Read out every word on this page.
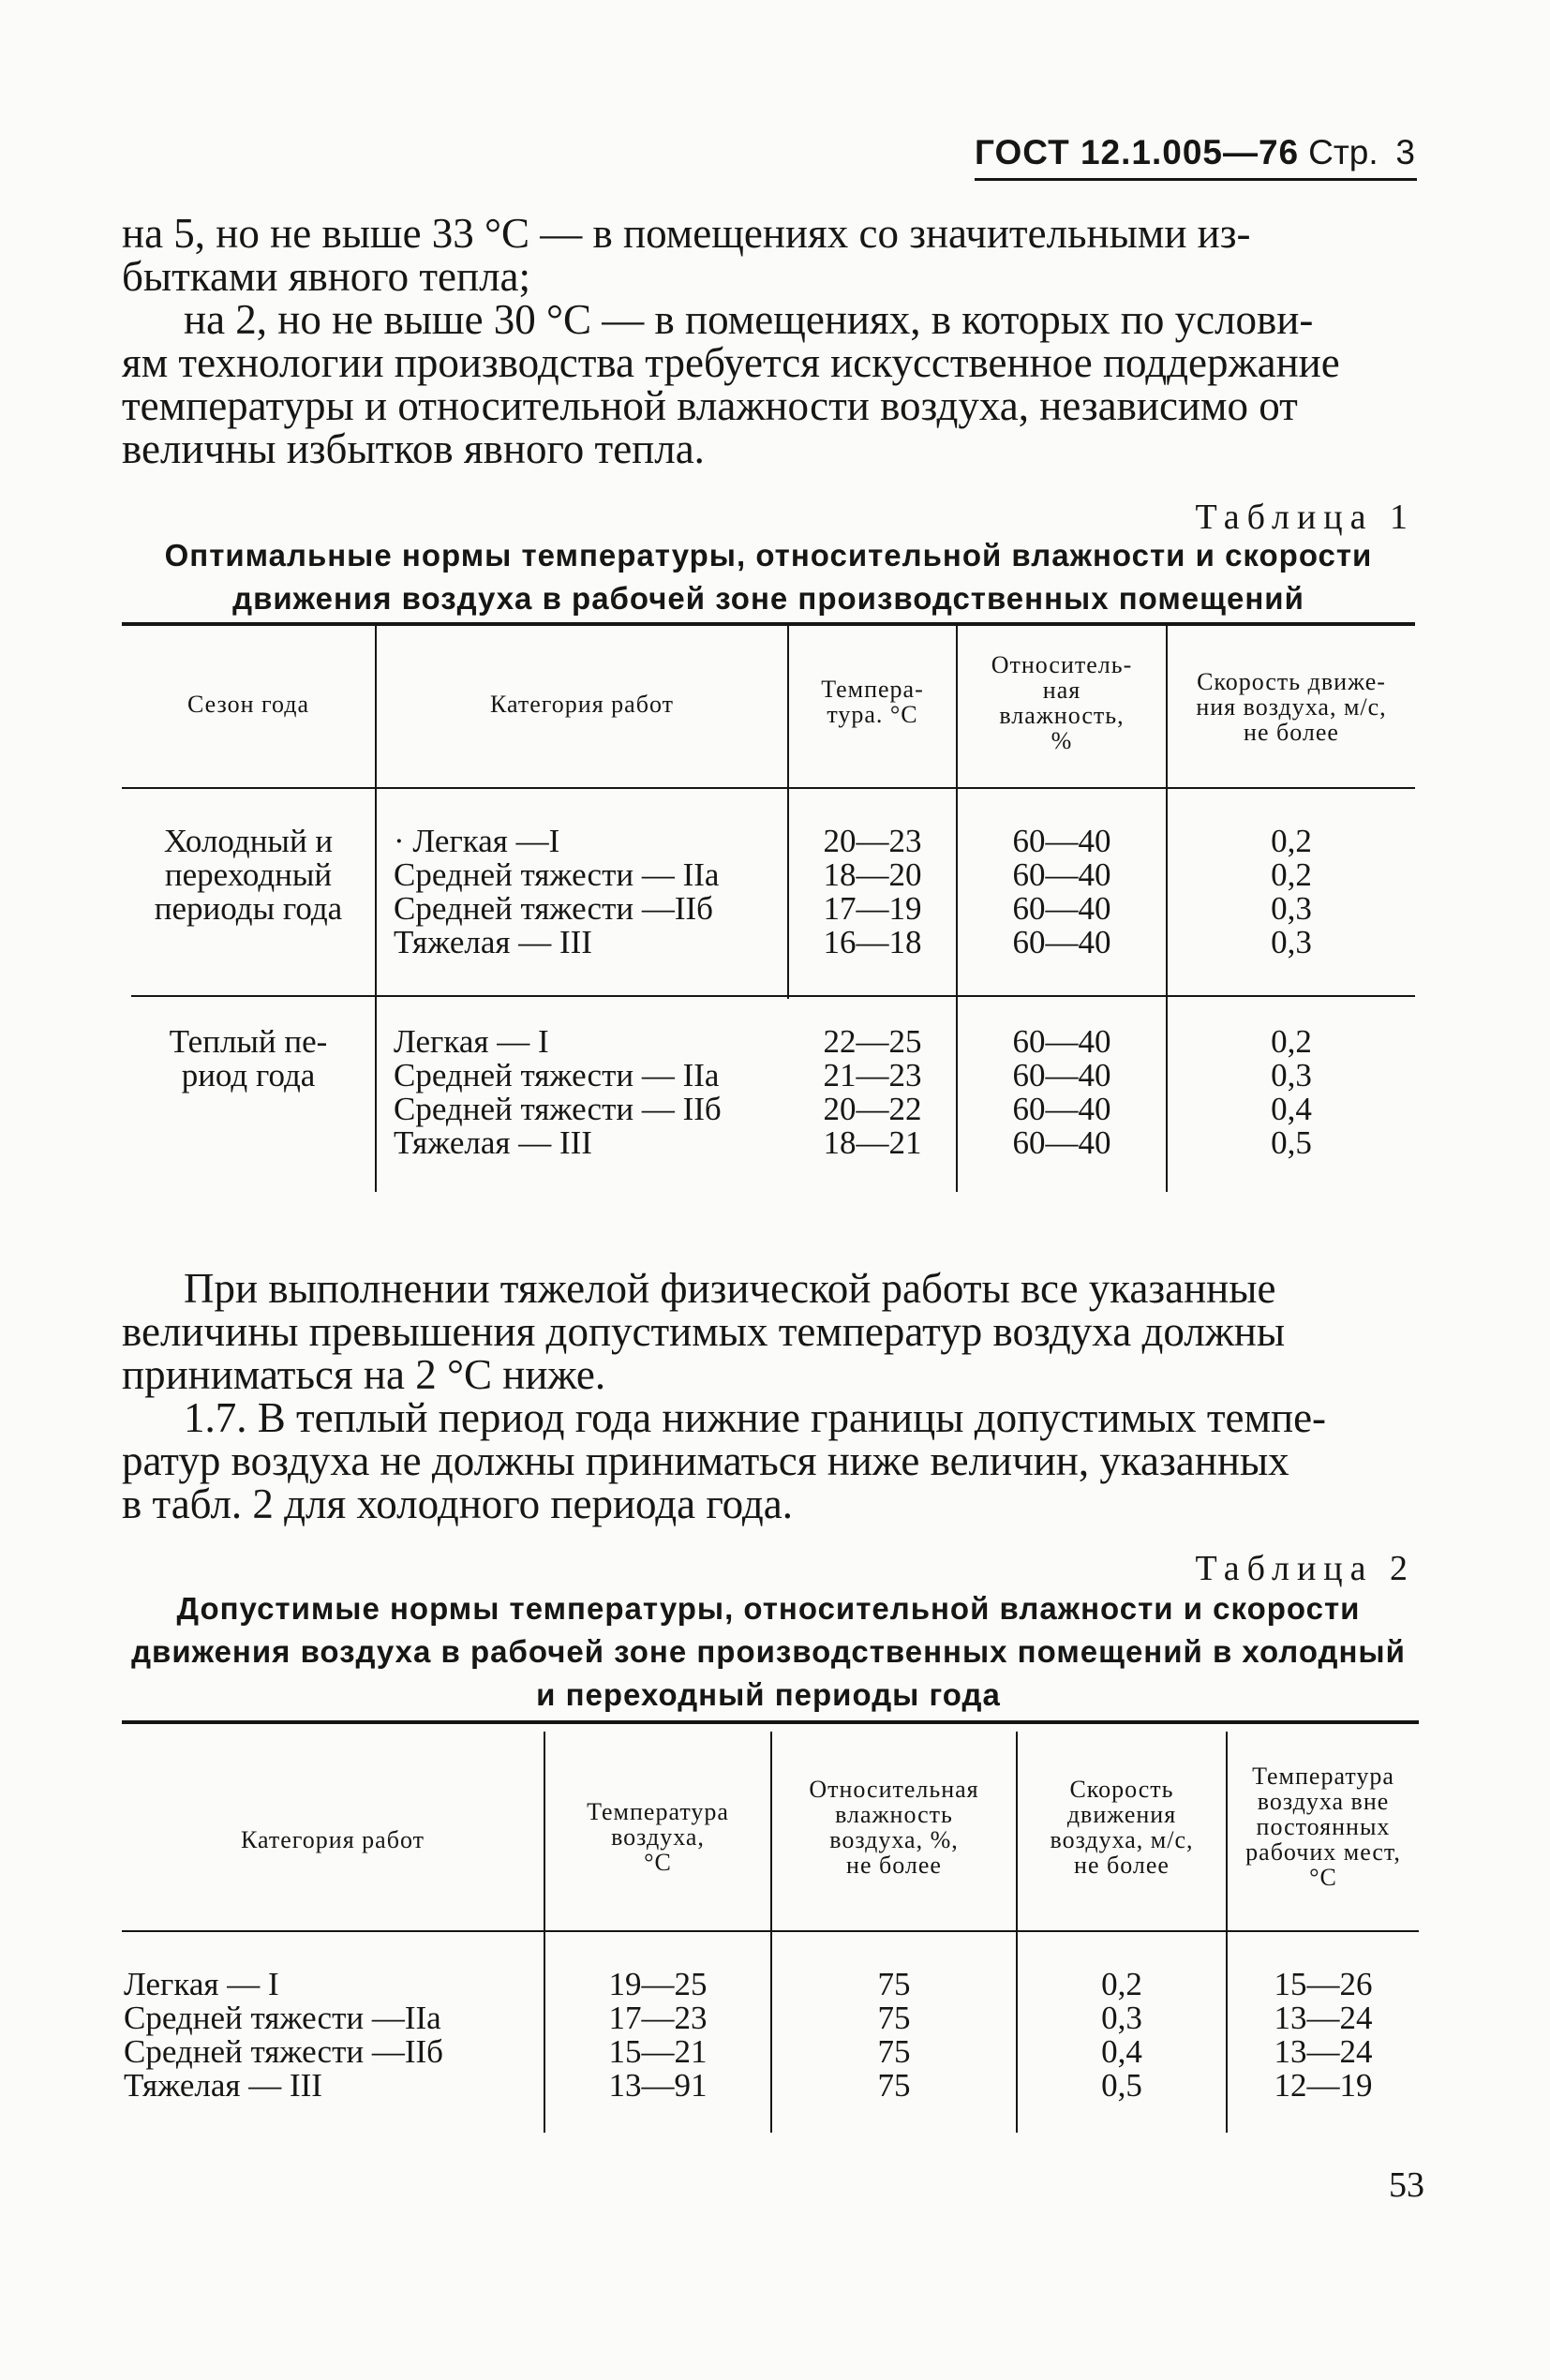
ГОСТ 12.1.005—76 Стр. 3
на 5, но не выше 33 °С — в помещениях со значительными из-
бытками явного тепла;
на 2, но не выше 30 °С — в помещениях, в которых по услови-
ям технологии производства требуется искусственное поддержание
температуры и относительной влажности воздуха, независимо от
величны избытков явного тепла.
Таблица 1
Оптимальные нормы температуры, относительной влажности и скорости
движения воздуха в рабочей зоне производственных помещений
Сезон года	Категория работ
Темпера-
тура. °С
Относитель-
ная
влажность,
%
Скорость движе-
ния воздуха, м/с,
не более
Холодный и
переходный
периоды года
· Легкая —I
Средней тяжести — IIа
Средней тяжести —IIб
Тяжелая — III
20—23
18—20
17—19
16—18
60—40
60—40
60—40
60—40
0,2
0,2
0,3
0,3
Теплый пе-
риод года
Легкая — I
Средней тяжести — IIа
Средней тяжести — IIб
Тяжелая — III
22—25
21—23
20—22
18—21
60—40
60—40
60—40
60—40
0,2
0,3
0,4
0,5
При выполнении тяжелой физической работы все указанные
величины превышения допустимых температур воздуха должны
приниматься на 2 °С ниже.
1.7. В теплый период года нижние границы допустимых темпе-
ратур воздуха не должны приниматься ниже величин, указанных
в табл. 2 для холодного периода года.
Таблица 2
Допустимые нормы температуры, относительной влажности и скорости
движения воздуха в рабочей зоне производственных помещений в холодный
и переходный периоды года
Категория работ
Температура
воздуха,
°С
Относительная
влажность
воздуха, %,
не более
Скорость
движения
воздуха, м/с,
не более
Температура
воздуха вне
постоянных
рабочих мест,
°С
Легкая — I
Средней тяжести —IIа
Средней тяжести —IIб
Тяжелая — III
19—25
17—23
15—21
13—91
75
75
75
75
0,2
0,3
0,4
0,5
15—26
13—24
13—24
12—19
53
